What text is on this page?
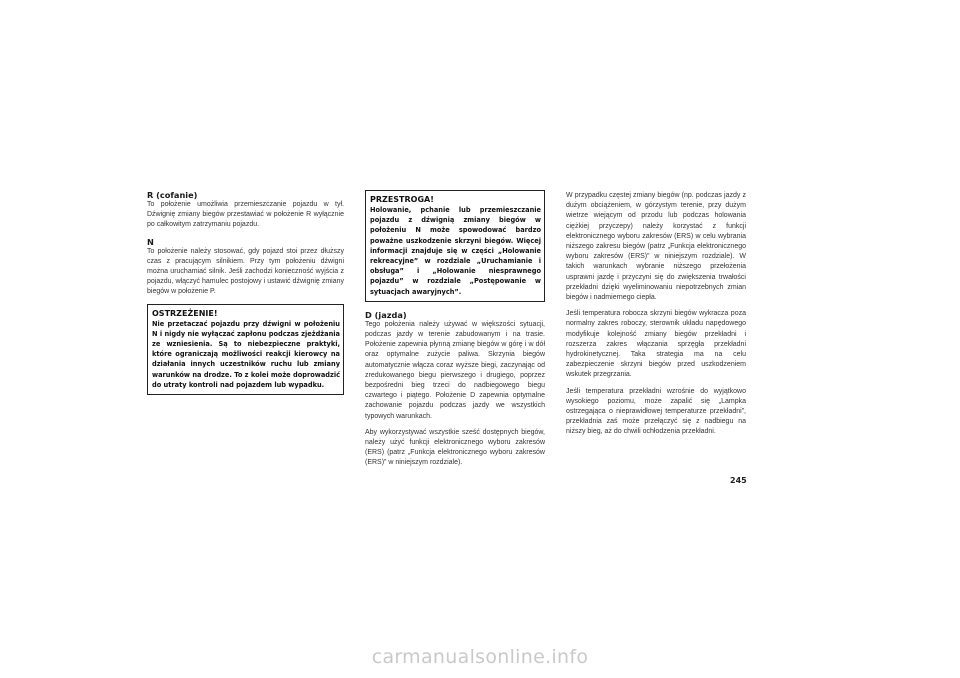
R (cofanie)

To położenie umożliwia przemieszczanie pojazdu w tył. Dźwignię zmiany biegów przestawiać w położenie R wyłącznie po całkowitym zatrzymaniu pojazdu.

N

To położenie należy stosować, gdy pojazd stoi przez dłuższy czas z pracującym silnikiem. Przy tym położeniu dźwigni można uruchamiać silnik. Jeśli zachodzi konieczność wyjścia z pojazdu, włączyć hamulec postojowy i ustawić dźwignię zmiany biegów w położenie P.

OSTRZEŻENIE!
Nie przetaczać pojazdu przy dźwigni w położeniu N i nigdy nie wyłączać zapłonu podczas zjeżdżania ze wzniesienia. Są to niebezpieczne praktyki, które ograniczają możliwości reakcji kierowcy na działania innych uczestników ruchu lub zmiany warunków na drodze. To z kolei może doprowadzić do utraty kontroli nad pojazdem lub wypadku.
PRZESTROGA!
Holowanie, pchanie lub przemieszczanie pojazdu z dźwignią zmiany biegów w położeniu N może spowodować bardzo poważne uszkodzenie skrzyni biegów. Więcej informacji znajduje się w części „Holowanie rekreacyjne” w rozdziale „Uruchamianie i obsługa” i „Holowanie niesprawnego pojazdu” w rozdziale „Postępowanie w sytuacjach awaryjnych”.
D (jazda)

Tego położenia należy używać w większości sytuacji, podczas jazdy w terenie zabudowanym i na trasie. Położenie zapewnia płynną zmianę biegów w górę i w dół oraz optymalne zużycie paliwa. Skrzynia biegów automatycznie włącza coraz wyższe biegi, zaczynając od zredukowanego biegu pierwszego i drugiego, poprzez bezpośredni bieg trzeci do nadbiegowego biegu czwartego i piątego. Położenie D zapewnia optymalne zachowanie pojazdu podczas jazdy we wszystkich typowych warunkach.

Aby wykorzystywać wszystkie sześć dostępnych biegów, należy użyć funkcji elektronicznego wyboru zakresów (ERS) (patrz „Funkcja elektronicznego wyboru zakresów (ERS)” w niniejszym rozdziale).

W przypadku częstej zmiany biegów (np. podczas jazdy z dużym obciążeniem, w górzystym terenie, przy dużym wietrze wiejącym od przodu lub podczas holowania ciężkiej przyczepy) należy korzystać z funkcji elektronicznego wyboru zakresów (ERS) w celu wybrania niższego zakresu biegów (patrz „Funkcja elektronicznego wyboru zakresów (ERS)” w niniejszym rozdziale). W takich warunkach wybranie niższego przełożenia usprawni jazdę i przyczyni się do zwiększenia trwałości przekładni dzięki wyeliminowaniu niepotrzebnych zmian biegów i nadmiernego ciepła.

Jeśli temperatura robocza skrzyni biegów wykracza poza normalny zakres roboczy, sterownik układu napędowego modyfikuje kolejność zmiany biegów przekładni i rozszerza zakres włączania sprzęgła przekładni hydrokinetycznej. Taka strategia ma na celu zabezpieczenie skrzyni biegów przed uszkodzeniem wskutek przegrzania.

Jeśli temperatura przekładni wzrośnie do wyjątkowo wysokiego poziomu, może zapalić się „Lampka ostrzegająca o nieprawidłowej temperaturze przekładni”, przekładnia zaś może przełączyć się z nadbiegu na niższy bieg, aż do chwili ochłodzenia przekładni.

245
carmanualsonline.info
